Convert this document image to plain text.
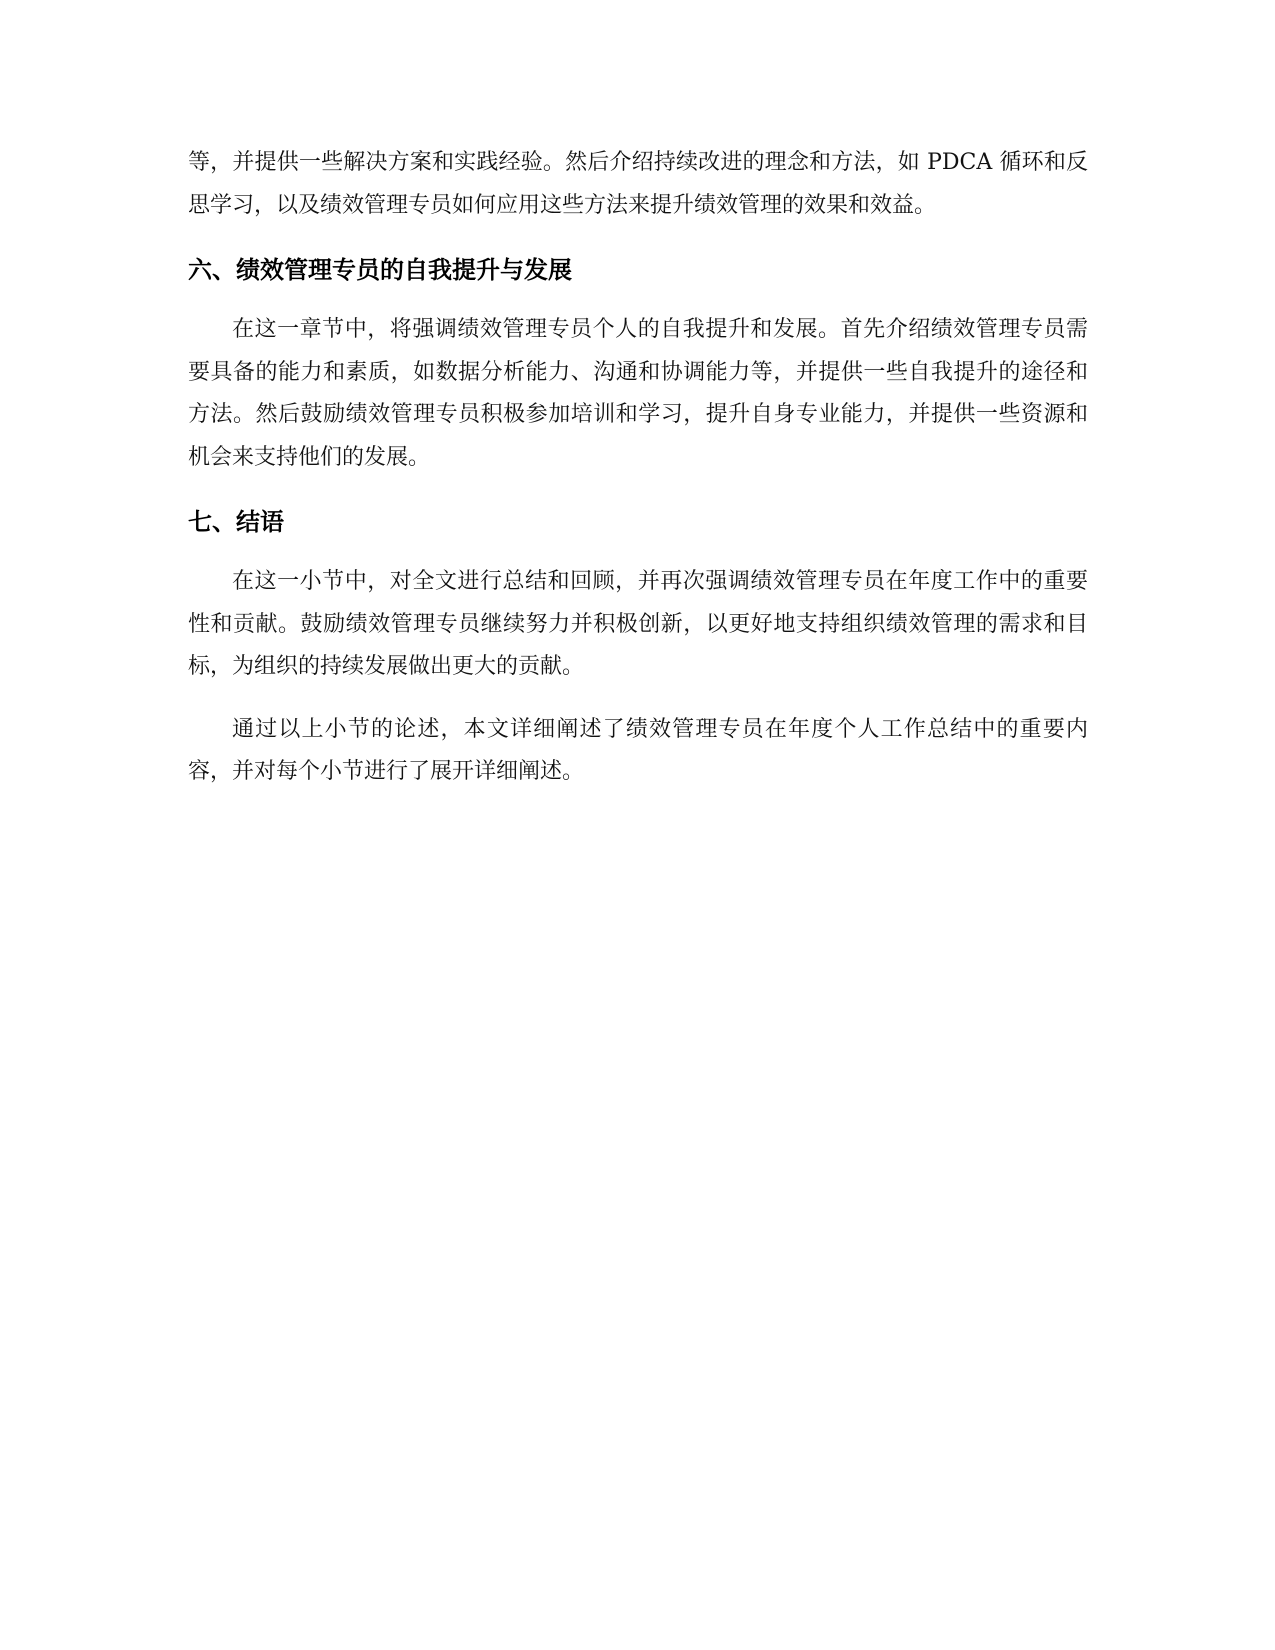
等，并提供一些解决方案和实践经验。然后介绍持续改进的理念和方法，如 PDCA 循环和反思学习，以及绩效管理专员如何应用这些方法来提升绩效管理的效果和效益。

六、绩效管理专员的自我提升与发展

在这一章节中，将强调绩效管理专员个人的自我提升和发展。首先介绍绩效管理专员需要具备的能力和素质，如数据分析能力、沟通和协调能力等，并提供一些自我提升的途径和方法。然后鼓励绩效管理专员积极参加培训和学习，提升自身专业能力，并提供一些资源和机会来支持他们的发展。

七、结语

在这一小节中，对全文进行总结和回顾，并再次强调绩效管理专员在年度工作中的重要性和贡献。鼓励绩效管理专员继续努力并积极创新，以更好地支持组织绩效管理的需求和目标，为组织的持续发展做出更大的贡献。

通过以上小节的论述，本文详细阐述了绩效管理专员在年度个人工作总结中的重要内容，并对每个小节进行了展开详细阐述。
